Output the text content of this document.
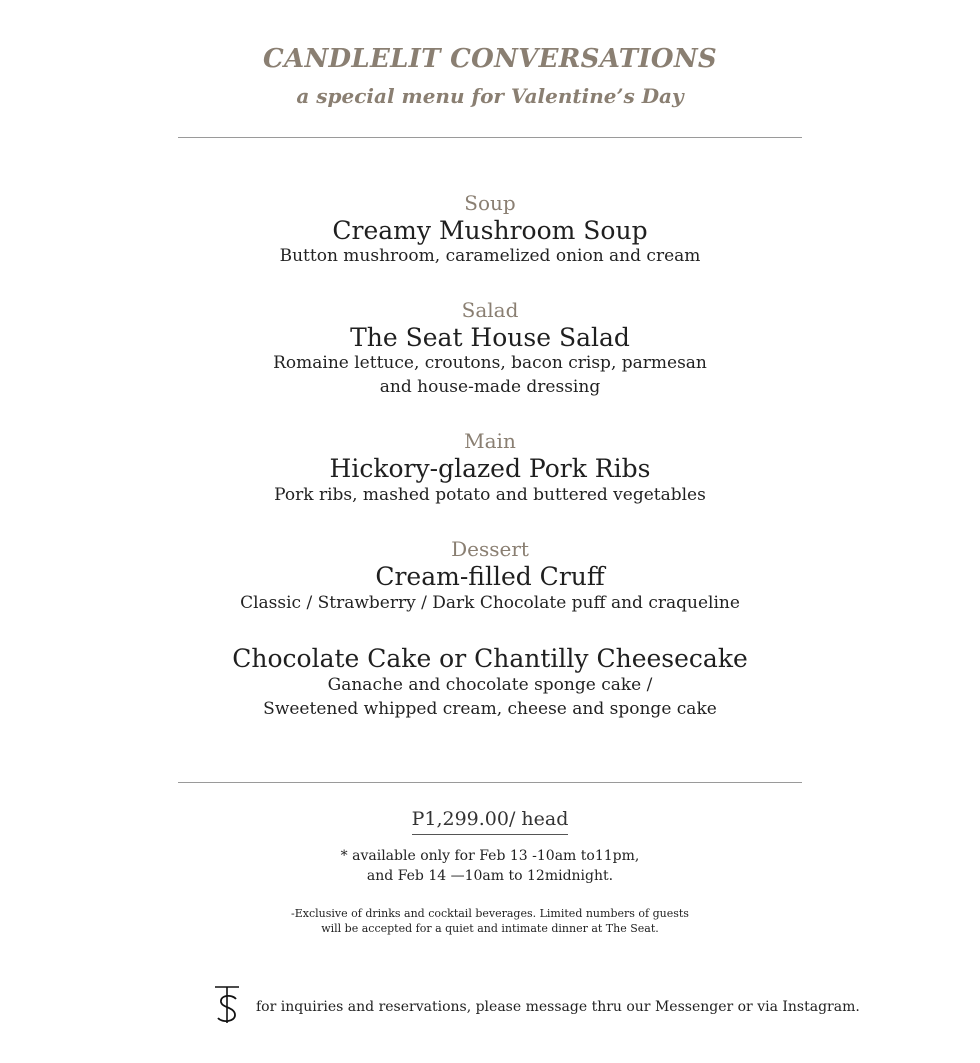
CANDLELIT CONVERSATIONS
a special menu for Valentine’s Day
Soup
Creamy Mushroom Soup
Button mushroom, caramelized onion and cream
Salad
The Seat House Salad
Romaine lettuce, croutons, bacon crisp, parmesan
and house-made dressing
Main
Hickory-glazed Pork Ribs
Pork ribs, mashed potato and buttered vegetables
Dessert
Cream-filled Cruff
Classic / Strawberry / Dark Chocolate puff and craqueline
Chocolate Cake or Chantilly Cheesecake
Ganache and chocolate sponge cake /
Sweetened whipped cream, cheese and sponge cake
P1,299.00/ head
* available only for Feb 13 -10am to11pm,
and Feb 14 —10am to 12midnight.
-Exclusive of drinks and cocktail beverages. Limited numbers of guests
will be accepted for a quiet and intimate dinner at The Seat.
for inquiries and reservations, please message thru our Messenger or via Instagram.
